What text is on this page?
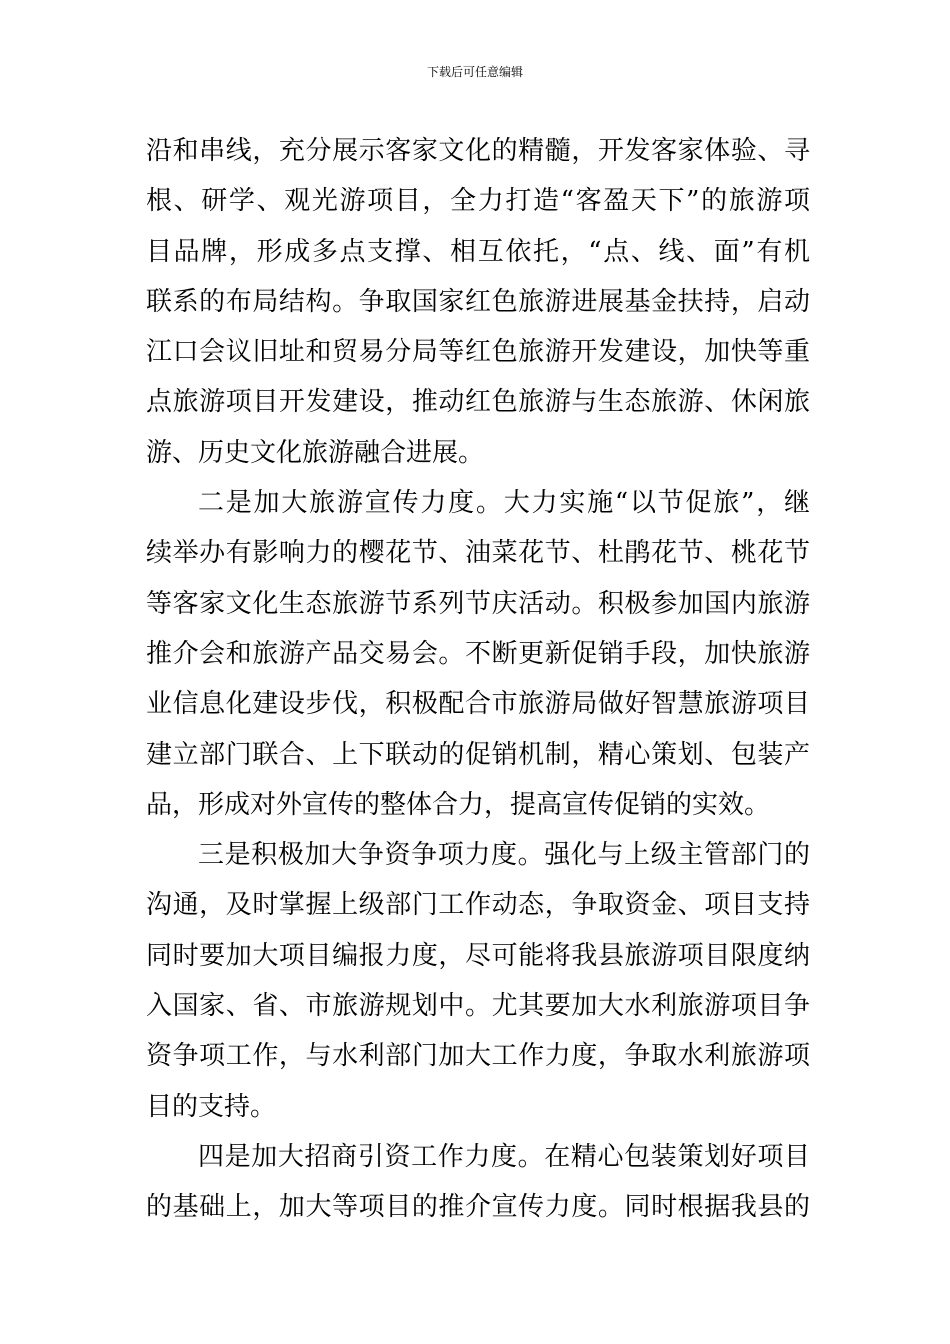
下载后可任意编辑
沿和串线，充分展示客家文化的精髓，开发客家体验、寻
根、研学、观光游项目，全力打造“客盈天下”的旅游项
目品牌，形成多点支撑、相互依托，“点、线、面”有机
联系的布局结构。争取国家红色旅游进展基金扶持，启动
江口会议旧址和贸易分局等红色旅游开发建设，加快等重
点旅游项目开发建设，推动红色旅游与生态旅游、休闲旅
游、历史文化旅游融合进展。
二是加大旅游宣传力度。大力实施“以节促旅”，继
续举办有影响力的樱花节、油菜花节、杜鹃花节、桃花节
等客家文化生态旅游节系列节庆活动。积极参加国内旅游
推介会和旅游产品交易会。不断更新促销手段，加快旅游
业信息化建设步伐，积极配合市旅游局做好智慧旅游项目
建立部门联合、上下联动的促销机制，精心策划、包装产
品，形成对外宣传的整体合力，提高宣传促销的实效。
三是积极加大争资争项力度。强化与上级主管部门的
沟通，及时掌握上级部门工作动态，争取资金、项目支持
同时要加大项目编报力度，尽可能将我县旅游项目限度纳
入国家、省、市旅游规划中。尤其要加大水利旅游项目争
资争项工作，与水利部门加大工作力度，争取水利旅游项
目的支持。
四是加大招商引资工作力度。在精心包装策划好项目
的基础上，加大等项目的推介宣传力度。同时根据我县的
